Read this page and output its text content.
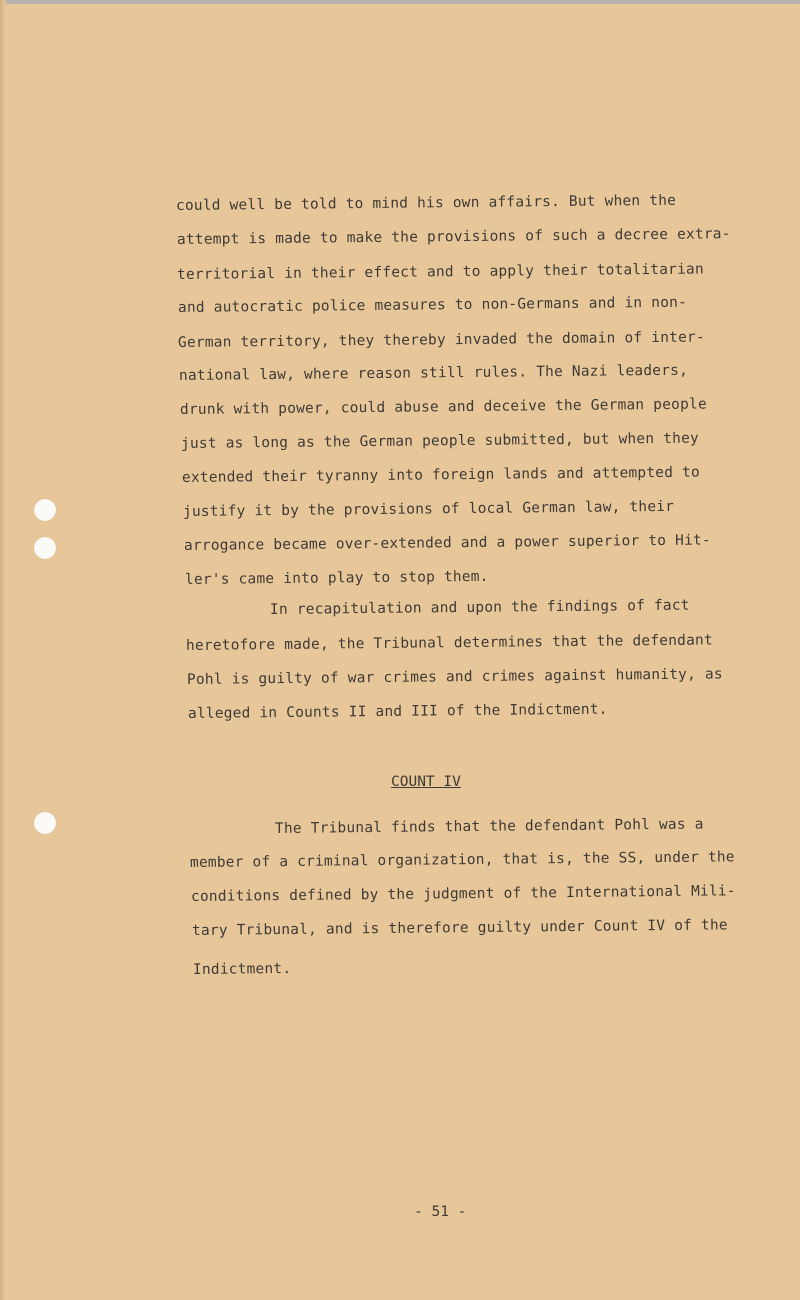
could well be told to mind his own affairs. But when the
attempt is made to make the provisions of such a decree extra-
territorial in their effect and to apply their totalitarian
and autocratic police measures to non-Germans and in non-
German territory, they thereby invaded the domain of inter-
national law, where reason still rules. The Nazi leaders,
drunk with power, could abuse and deceive the German people
just as long as the German people submitted, but when they
extended their tyranny into foreign lands and attempted to
justify it by the provisions of local German law, their
arrogance became over-extended and a power superior to Hit-
ler's came into play to stop them.
In recapitulation and upon the findings of fact
heretofore made, the Tribunal determines that the defendant
Pohl is guilty of war crimes and crimes against humanity, as
alleged in Counts II and III of the Indictment.
COUNT IV
The Tribunal finds that the defendant Pohl was a
member of a criminal organization, that is, the SS, under the
conditions defined by the judgment of the International Mili-
tary Tribunal, and is therefore guilty under Count IV of the
Indictment.
- 51 -
